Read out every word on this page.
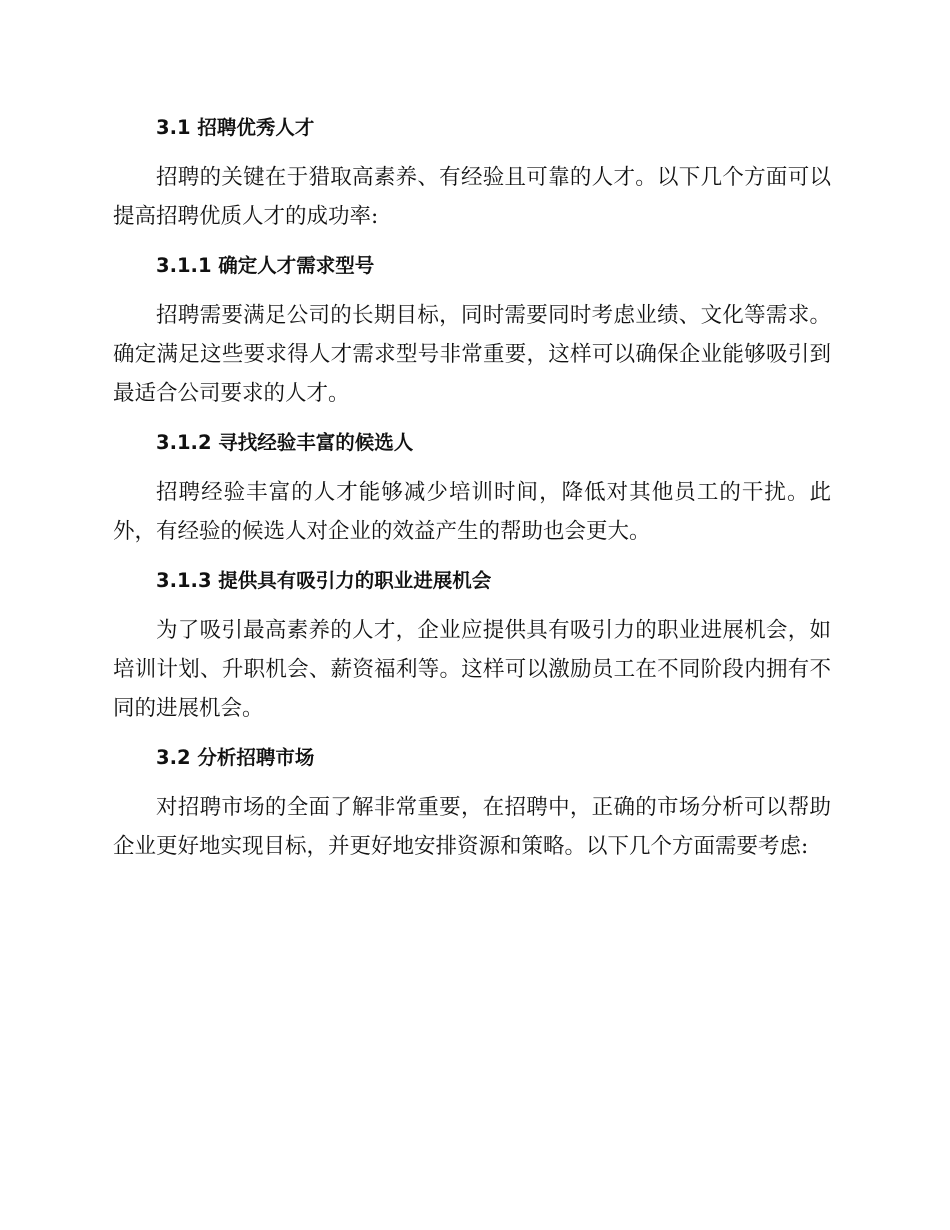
3.1 招聘优秀人才

招聘的关键在于猎取高素养、有经验且可靠的人才。以下几个方面可以提高招聘优质人才的成功率:

3.1.1 确定人才需求型号

招聘需要满足公司的长期目标，同时需要同时考虑业绩、文化等需求。确定满足这些要求得人才需求型号非常重要，这样可以确保企业能够吸引到最适合公司要求的人才。

3.1.2 寻找经验丰富的候选人

招聘经验丰富的人才能够减少培训时间，降低对其他员工的干扰。此外，有经验的候选人对企业的效益产生的帮助也会更大。

3.1.3 提供具有吸引力的职业进展机会

为了吸引最高素养的人才，企业应提供具有吸引力的职业进展机会，如培训计划、升职机会、薪资福利等。这样可以激励员工在不同阶段内拥有不同的进展机会。

3.2 分析招聘市场

对招聘市场的全面了解非常重要，在招聘中，正确的市场分析可以帮助企业更好地实现目标，并更好地安排资源和策略。以下几个方面需要考虑:
